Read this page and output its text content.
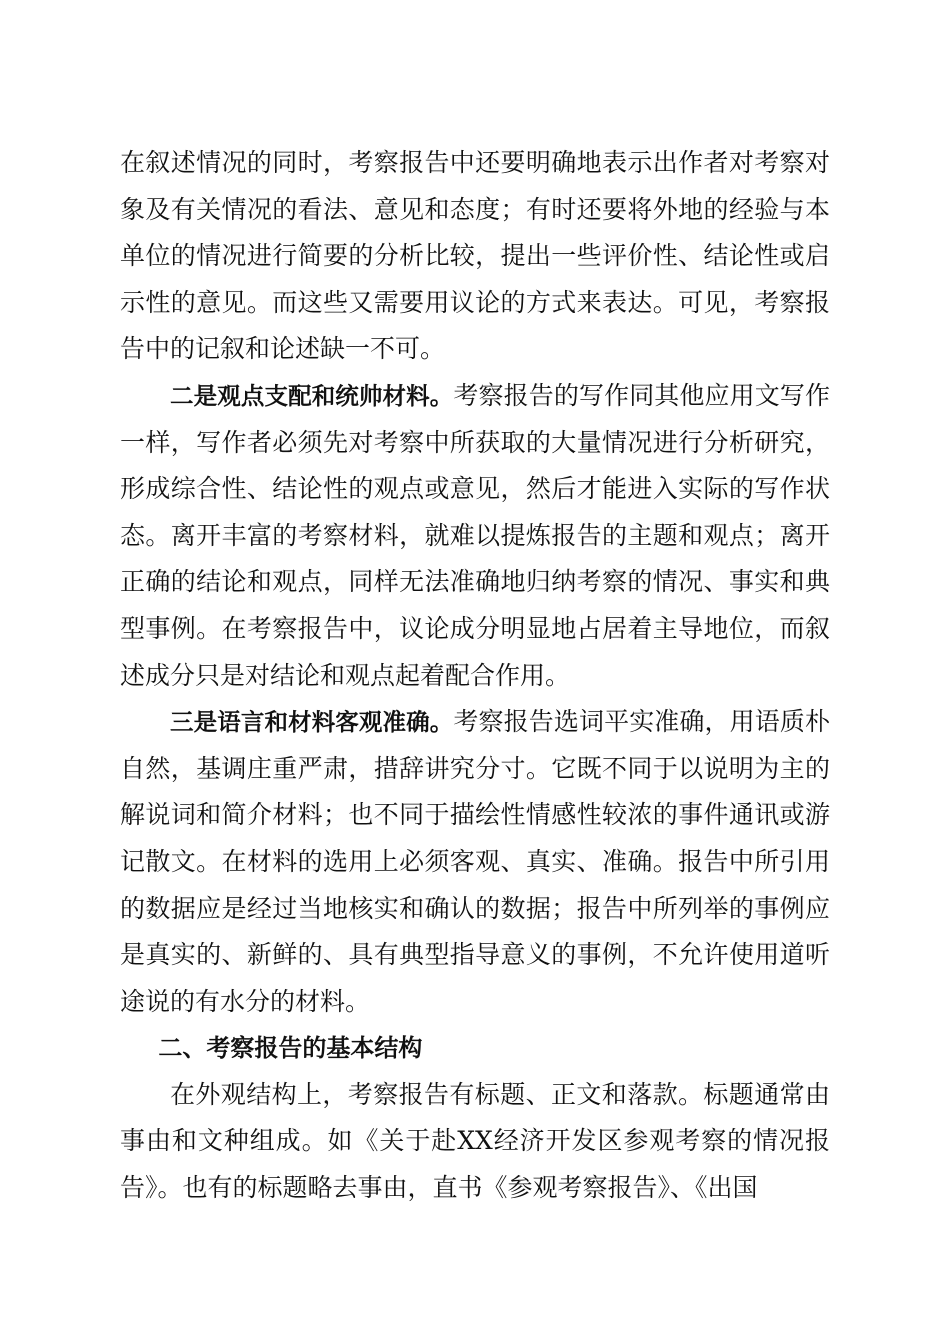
在叙述情况的同时，考察报告中还要明确地表示出作者对考察对象及有关情况的看法、意见和态度；有时还要将外地的经验与本单位的情况进行简要的分析比较，提出一些评价性、结论性或启示性的意见。而这些又需要用议论的方式来表达。可见，考察报告中的记叙和论述缺一不可。

二是观点支配和统帅材料。考察报告的写作同其他应用文写作一样，写作者必须先对考察中所获取的大量情况进行分析研究，形成综合性、结论性的观点或意见，然后才能进入实际的写作状态。离开丰富的考察材料，就难以提炼报告的主题和观点；离开正确的结论和观点，同样无法准确地归纳考察的情况、事实和典型事例。在考察报告中，议论成分明显地占居着主导地位，而叙述成分只是对结论和观点起着配合作用。

三是语言和材料客观准确。考察报告选词平实准确，用语质朴自然，基调庄重严肃，措辞讲究分寸。它既不同于以说明为主的解说词和简介材料；也不同于描绘性情感性较浓的事件通讯或游记散文。在材料的选用上必须客观、真实、准确。报告中所引用的数据应是经过当地核实和确认的数据；报告中所列举的事例应是真实的、新鲜的、具有典型指导意义的事例，不允许使用道听途说的有水分的材料。

二、考察报告的基本结构

在外观结构上，考察报告有标题、正文和落款。标题通常由事由和文种组成。如《关于赴XX经济开发区参观考察的情况报告》。也有的标题略去事由，直书《参观考察报告》、《出国
